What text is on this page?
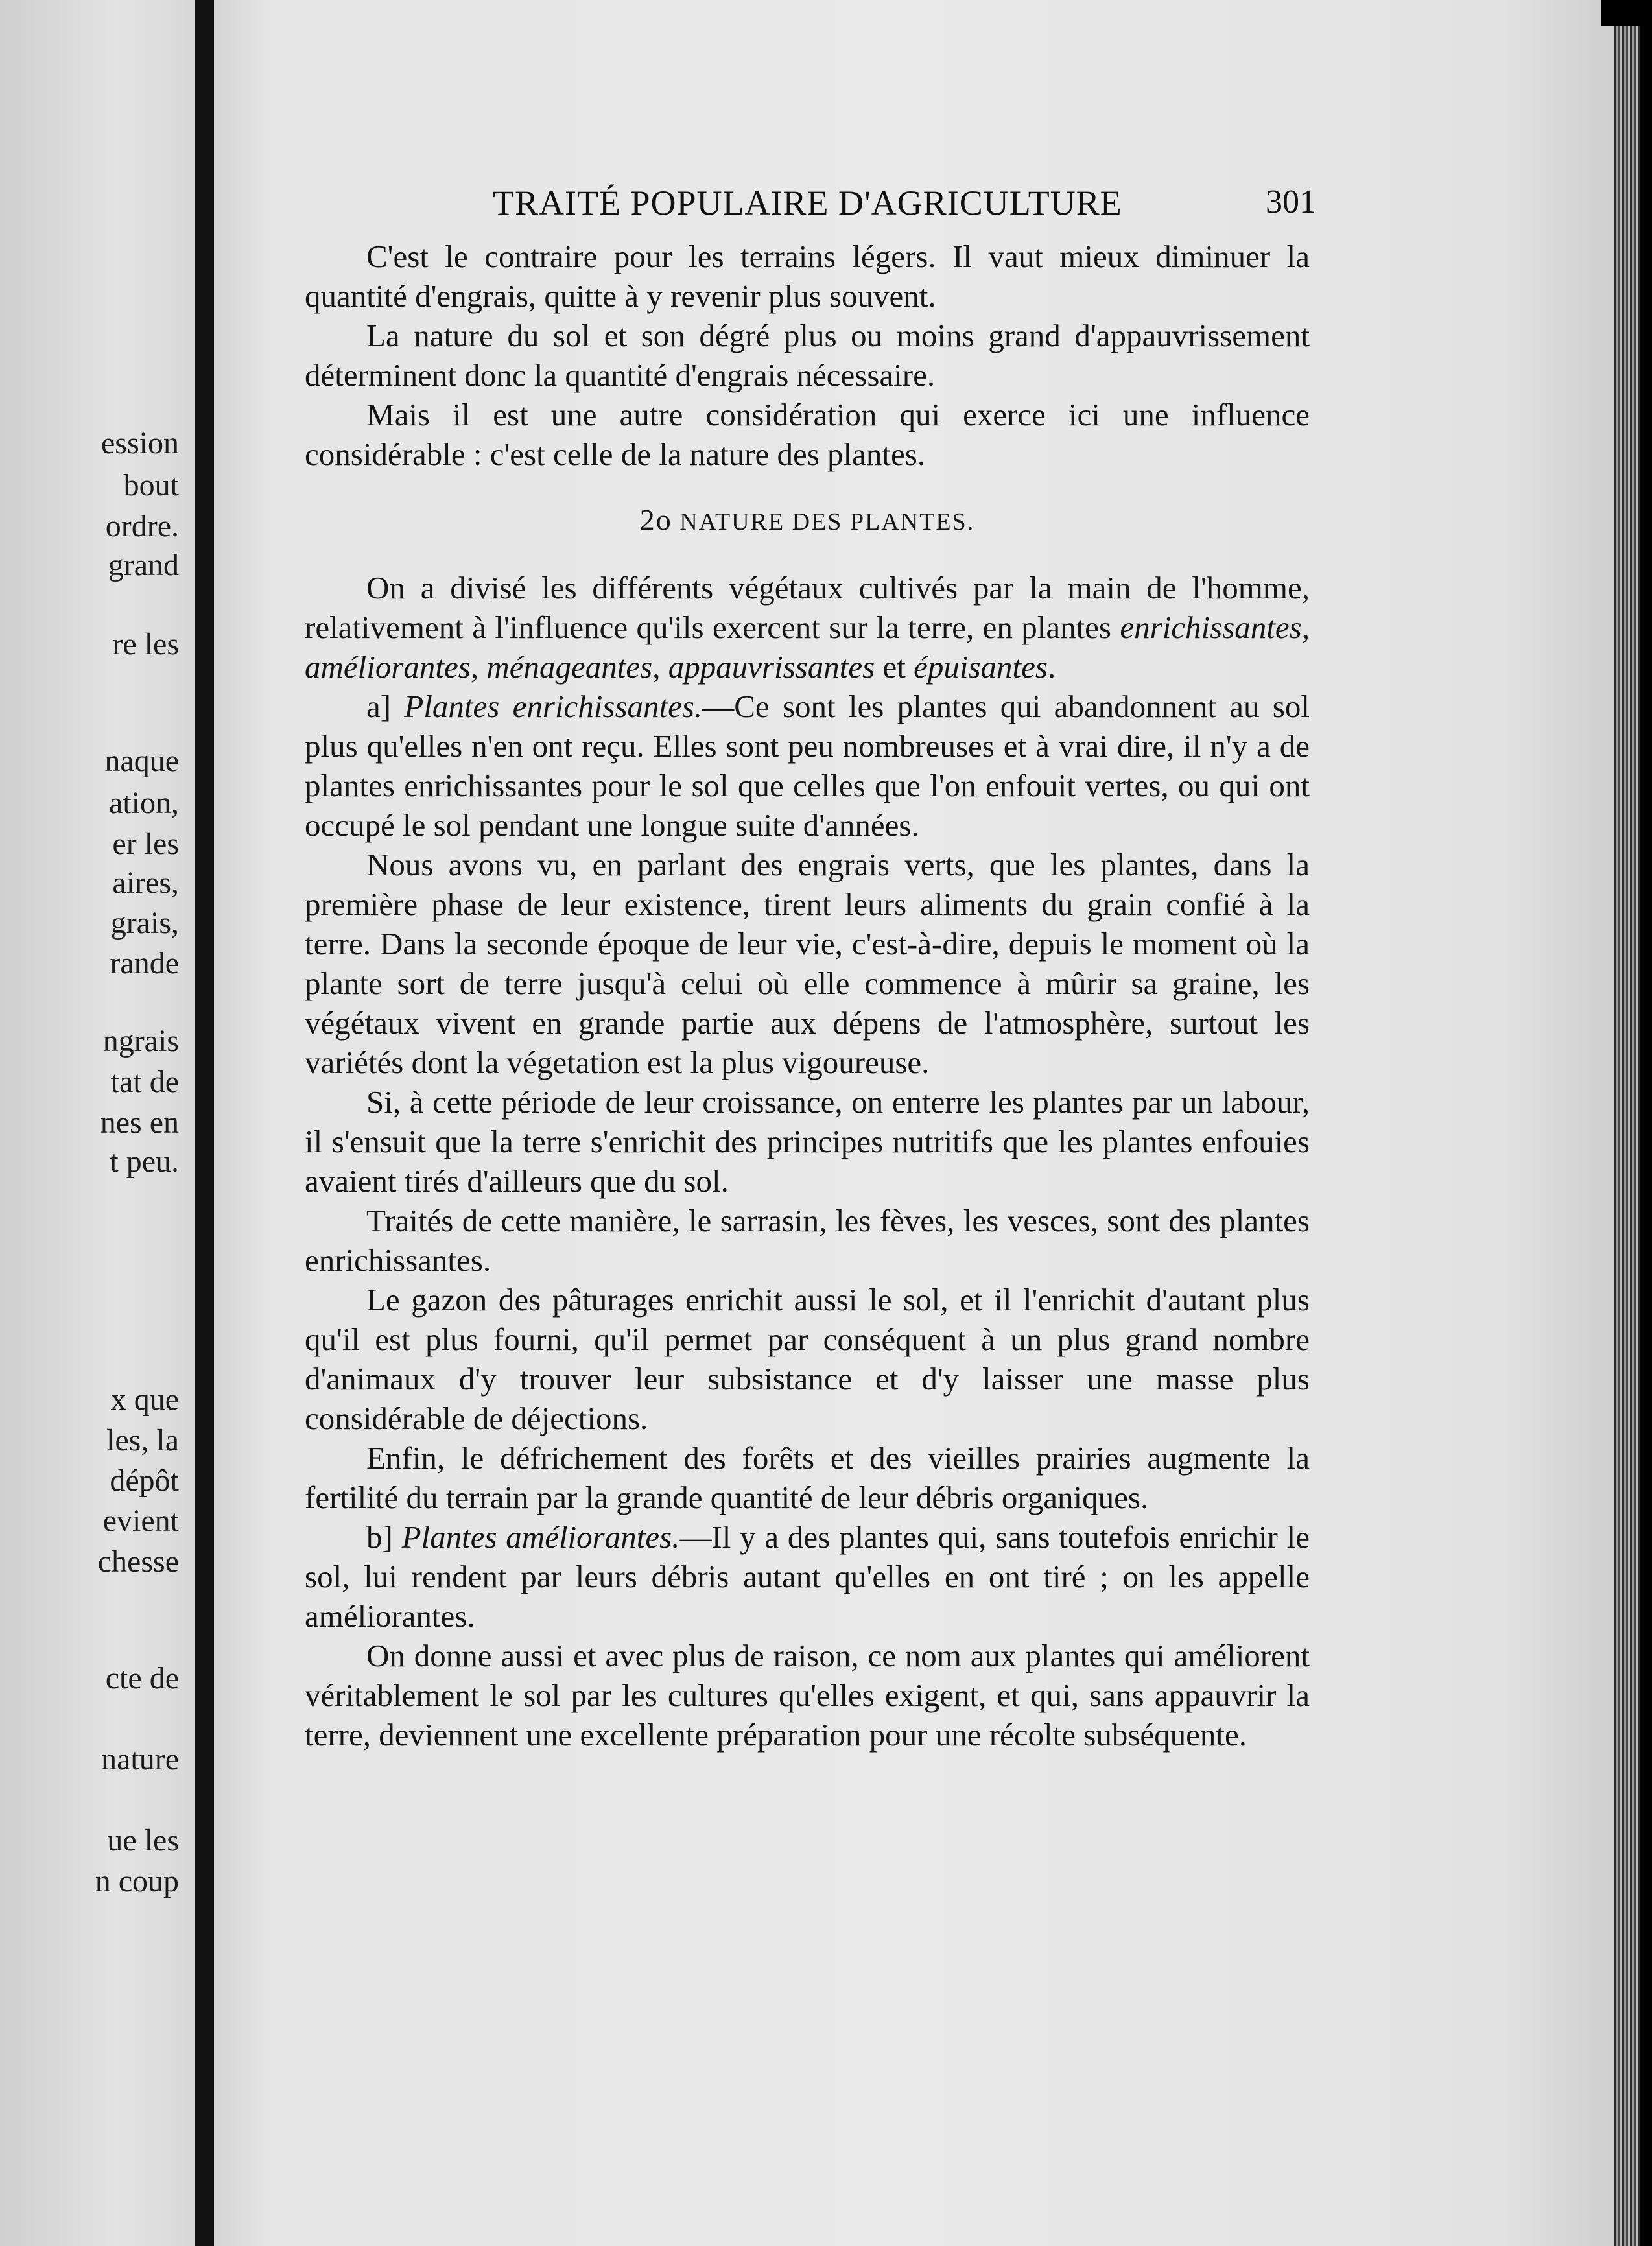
ession
bout
ordre.
grand
re les
naque
ation,
er les
aires,
grais,
rande
ngrais
tat de
nes en
t peu.
x que
les, la
dépôt
evient
chesse
cte de
nature
ue les
n coup
TRAITÉ POPULAIRE D'AGRICULTURE	301

C'est le contraire pour les terrains légers. Il vaut mieux diminuer la quantité d'engrais, quitte à y revenir plus souvent.

La nature du sol et son dégré plus ou moins grand d'appauvrissement déterminent donc la quantité d'engrais nécessaire.

Mais il est une autre considération qui exerce ici une influence considérable : c'est celle de la nature des plantes.

2o NATURE DES PLANTES.

On a divisé les différents végétaux cultivés par la main de l'homme, relativement à l'influence qu'ils exercent sur la terre, en plantes enrichissantes, améliorantes, ménageantes, appauvrissantes et épuisantes.

a] Plantes enrichissantes.—Ce sont les plantes qui abandonnent au sol plus qu'elles n'en ont reçu. Elles sont peu nombreuses et à vrai dire, il n'y a de plantes enrichissantes pour le sol que celles que l'on enfouit vertes, ou qui ont occupé le sol pendant une longue suite d'années.

Nous avons vu, en parlant des engrais verts, que les plantes, dans la première phase de leur existence, tirent leurs aliments du grain confié à la terre. Dans la seconde époque de leur vie, c'est-à-dire, depuis le moment où la plante sort de terre jusqu'à celui où elle commence à mûrir sa graine, les végétaux vivent en grande partie aux dépens de l'atmosphère, surtout les variétés dont la végetation est la plus vigoureuse.

Si, à cette période de leur croissance, on enterre les plantes par un labour, il s'ensuit que la terre s'enrichit des principes nutritifs que les plantes enfouies avaient tirés d'ailleurs que du sol.

Traités de cette manière, le sarrasin, les fèves, les vesces, sont des plantes enrichissantes.

Le gazon des pâturages enrichit aussi le sol, et il l'enrichit d'autant plus qu'il est plus fourni, qu'il permet par conséquent à un plus grand nombre d'animaux d'y trouver leur subsistance et d'y laisser une masse plus considérable de déjections.

Enfin, le défrichement des forêts et des vieilles prairies augmente la fertilité du terrain par la grande quantité de leur débris organiques.

b] Plantes améliorantes.—Il y a des plantes qui, sans toutefois enrichir le sol, lui rendent par leurs débris autant qu'elles en ont tiré ; on les appelle améliorantes.

On donne aussi et avec plus de raison, ce nom aux plantes qui améliorent véritablement le sol par les cultures qu'elles exigent, et qui, sans appauvrir la terre, deviennent une excellente préparation pour une récolte subséquente.
